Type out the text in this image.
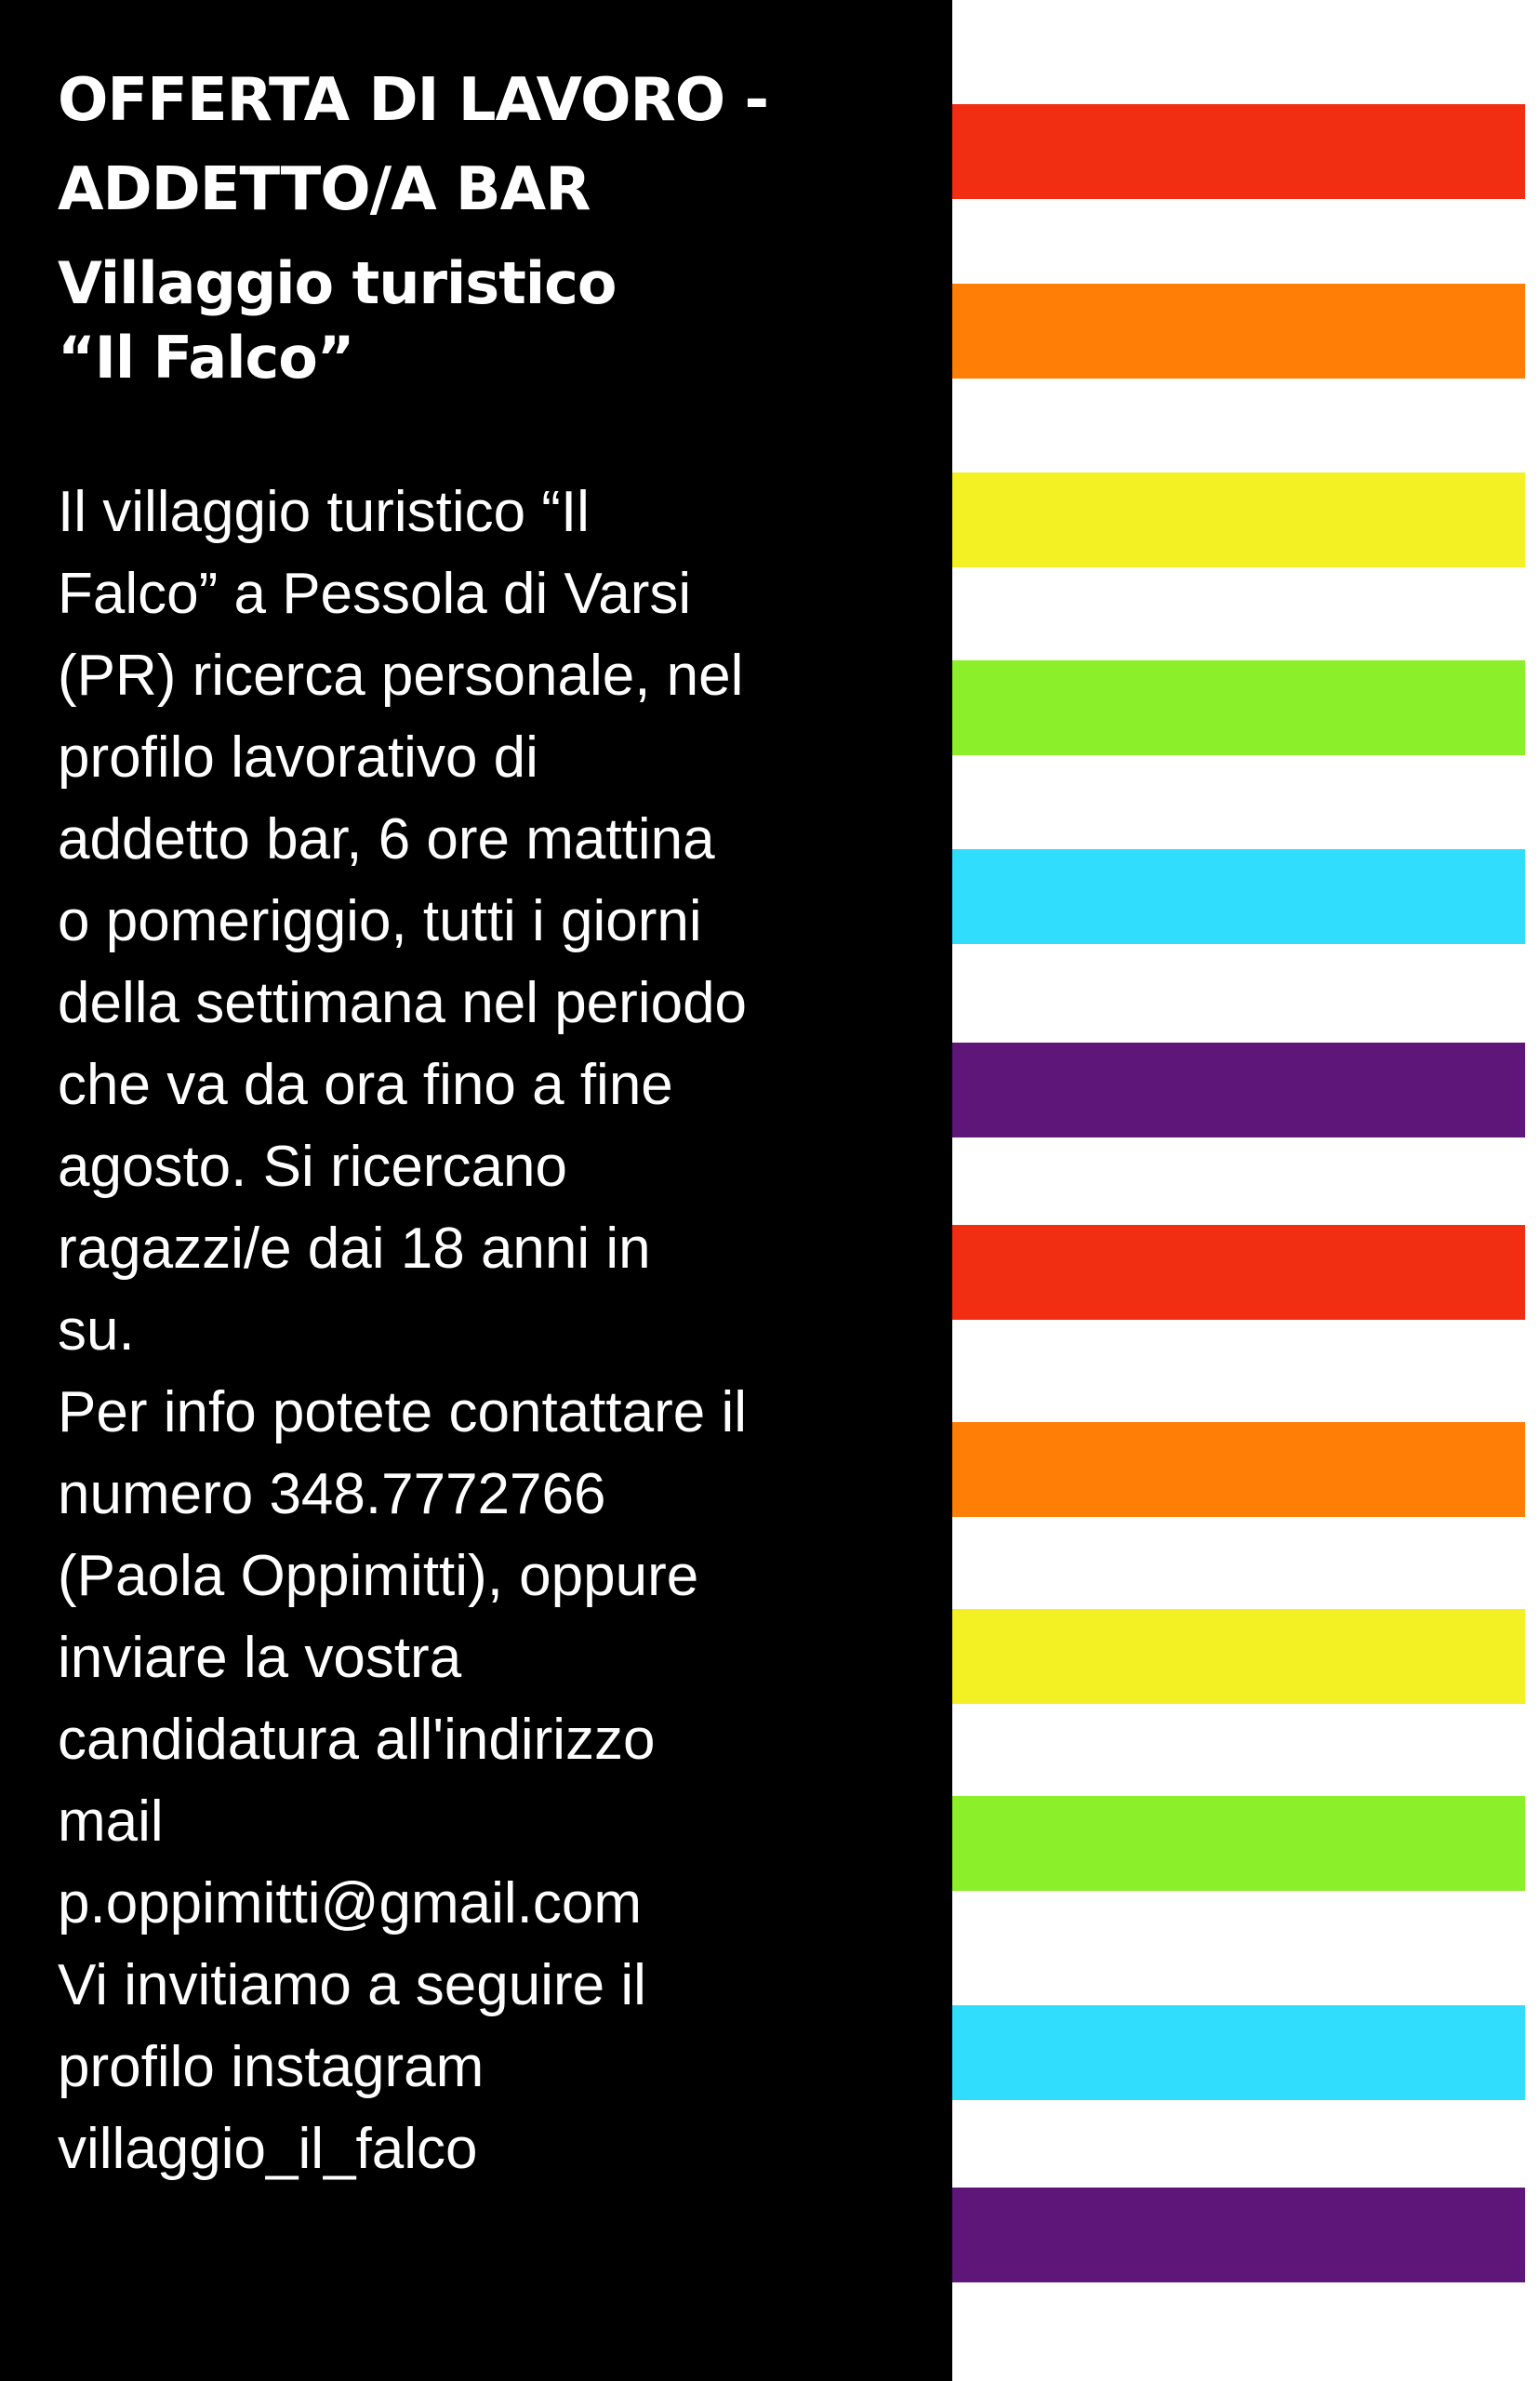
OFFERTA DI LAVORO -
ADDETTO/A BAR
Villaggio turistico
“Il Falco”
Il villaggio turistico “Il
Falco” a Pessola di Varsi
(PR) ricerca personale, nel
profilo lavorativo di
addetto bar, 6 ore mattina
o pomeriggio, tutti i giorni
della settimana nel periodo
che va da ora fino a fine
agosto. Si ricercano
ragazzi/e dai 18 anni in
su.
Per info potete contattare il
numero 348.7772766
(Paola Oppimitti), oppure
inviare la vostra
candidatura all'indirizzo
mail
p.oppimitti@gmail.com
Vi invitiamo a seguire il
profilo instagram
villaggio_il_falco
